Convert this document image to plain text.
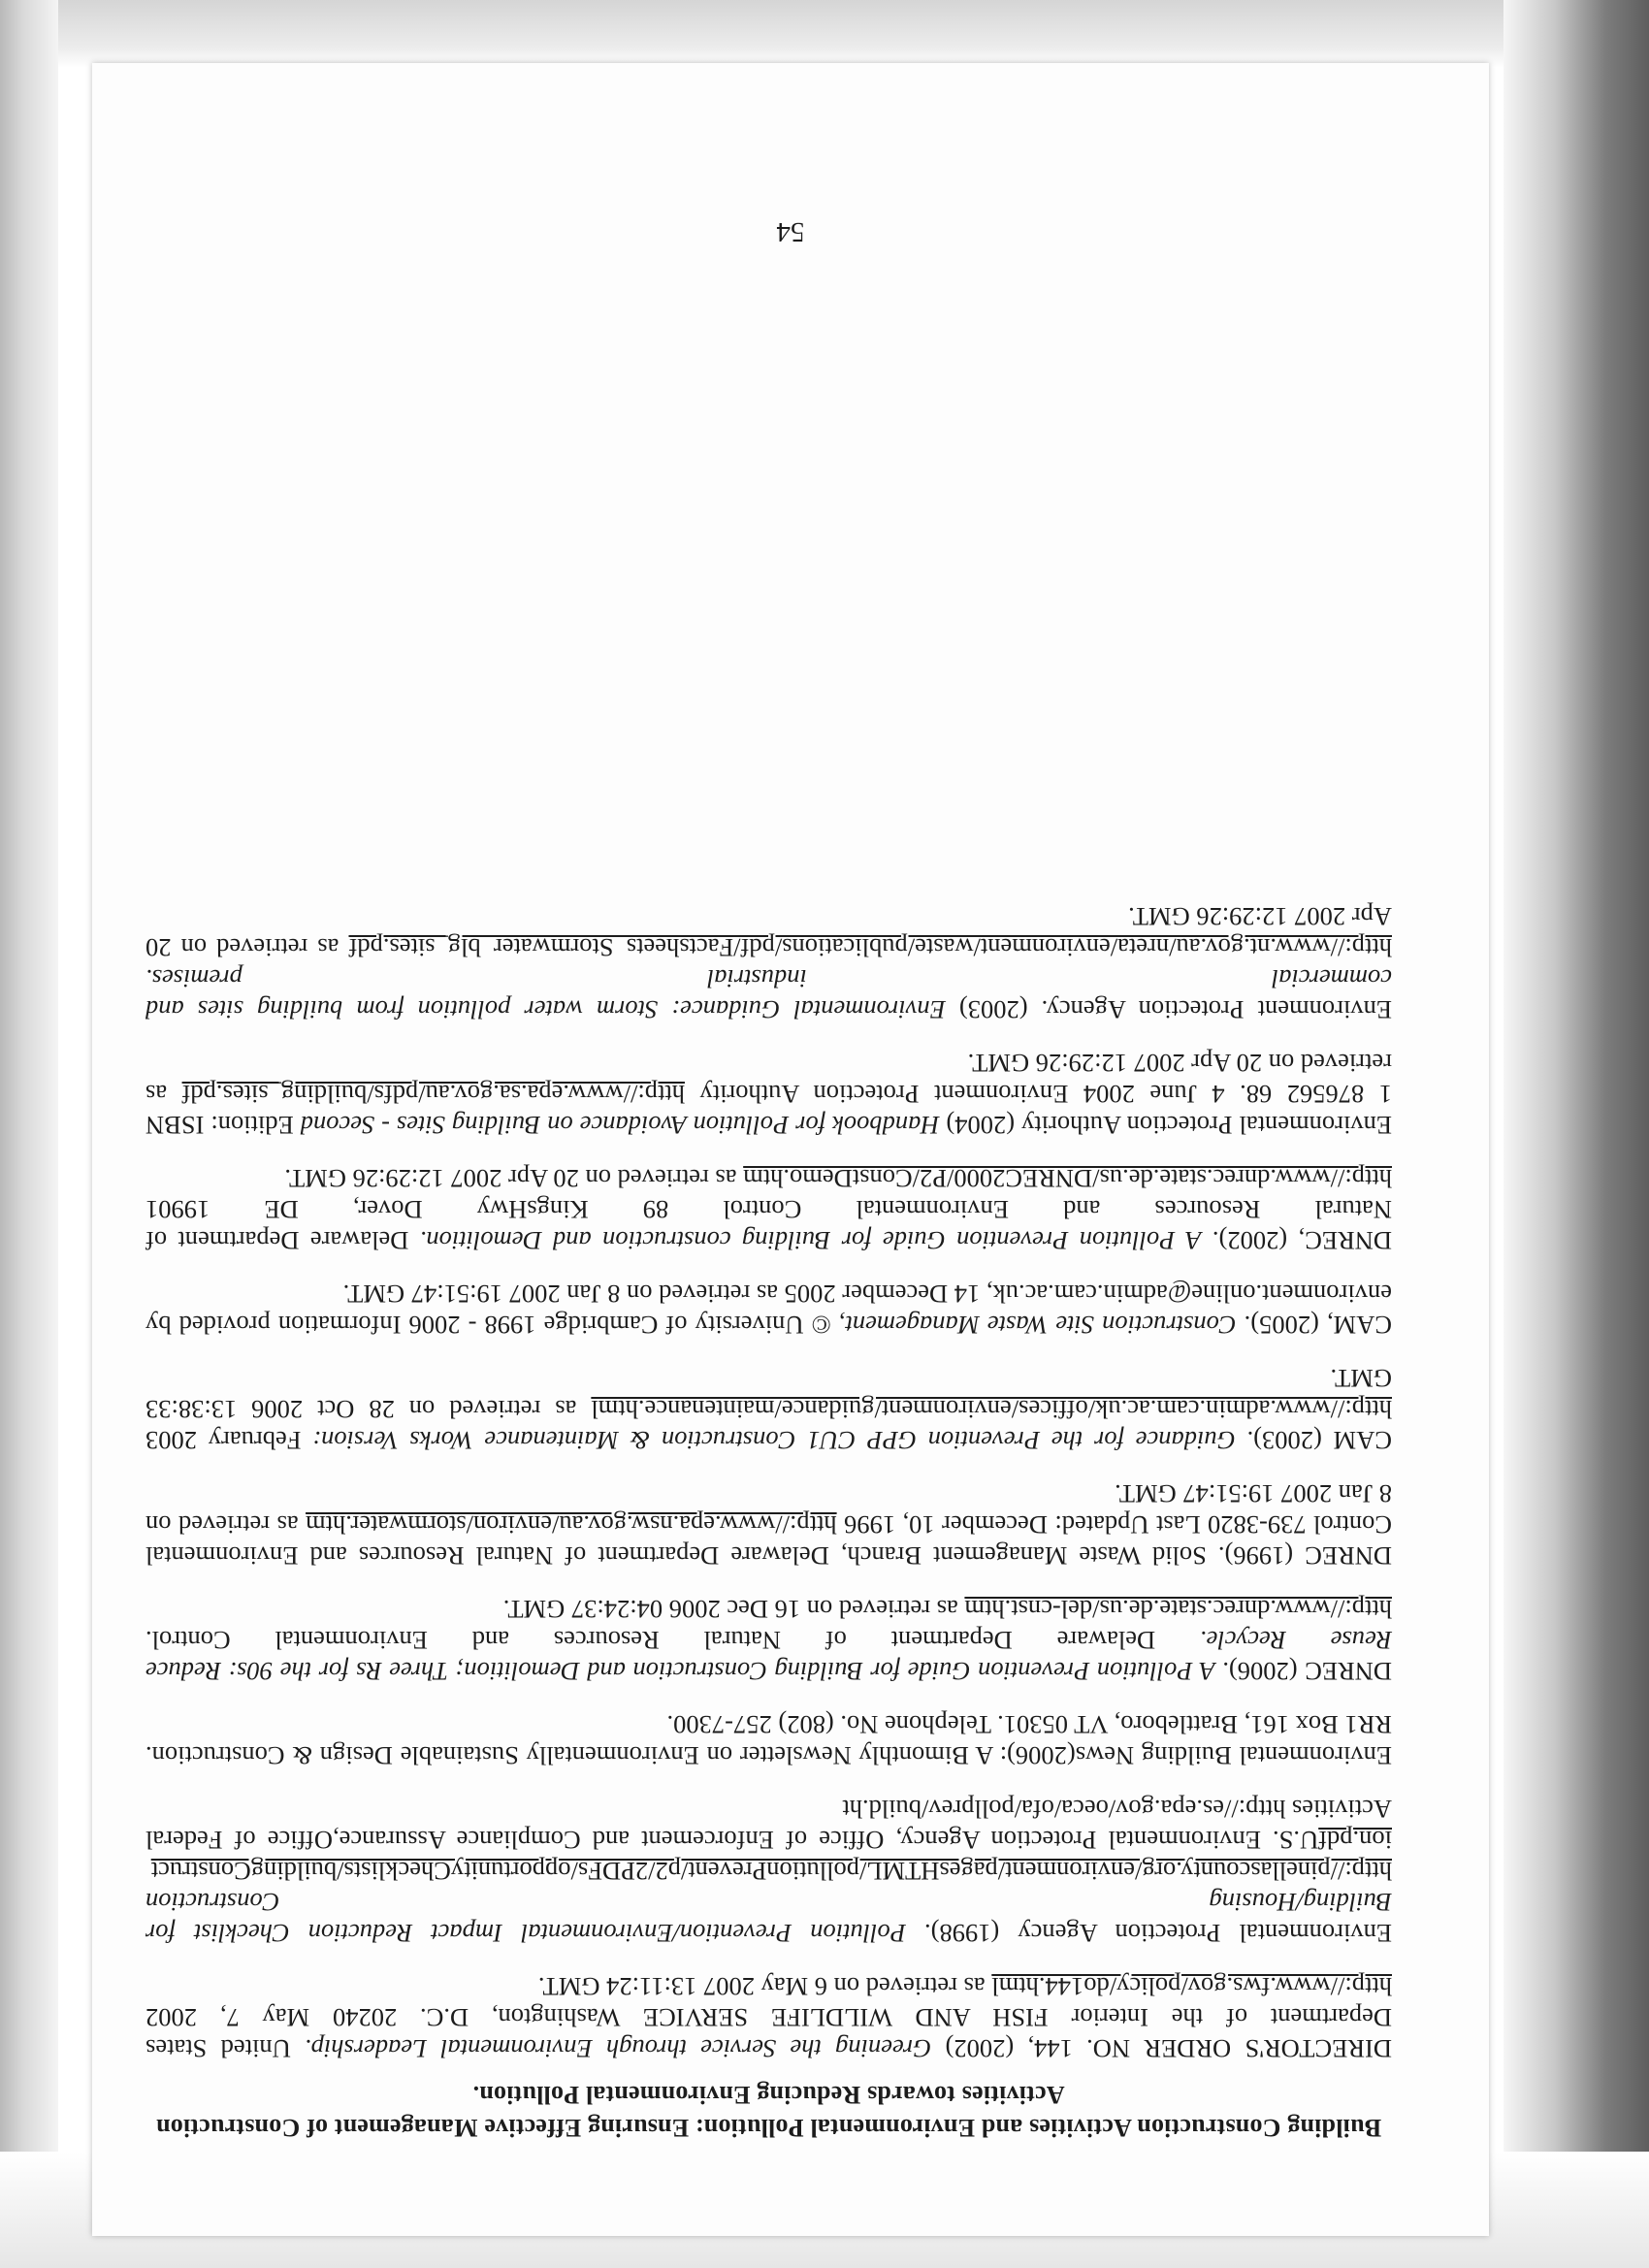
Building Construction Activities and Environmental Pollution: Ensuring Effective Management of Construction Activities towards Reducing Environmental Pollution.

DIRECTOR'S ORDER NO. 144, (2002) Greening the Service through Environmental Leadership. United States Department of the Interior FISH AND WILDLIFE SERVICE Washington, D.C. 20240 May 7, 2002 http://www.fws.gov/policy/do144.html as retrieved on 6 May 2007 13:11:24 GMT.

Environmental Protection Agency (1998). Pollution Prevention/Environmental Impact Reduction Checklist for Building/Housing Construction http://pinellascounty.org/environment/pagesHTML/pollutionPrevent/p2/2PDFs/opportunityChecklists/buildingConstruction.pdfU.S. Environmental Protection Agency, Office of Enforcement and Compliance Assurance,Office of Federal Activities http://es.epa.gov/oeca/ofa/pollprev/build.ht

Environmental Building News(2006): A Bimonthly Newsletter on Environmentally Sustainable Design & Construction. RR1 Box 161, Brattleboro, VT 05301. Telephone No. (802) 257-7300.

DNREC (2006). A Pollution Prevention Guide for Building Construction and Demolition; Three Rs for the 90s: Reduce Reuse Recycle. Delaware Department of Natural Resources and Environmental Control. http://www.dnrec.state.de.us/del-cnst.htm as retrieved on 16 Dec 2006 04:24:37 GMT.

DNREC (1996). Solid Waste Management Branch, Delaware Department of Natural Resources and Environmental Control 739-3820 Last Updated: December 10, 1996 http://www.epa.nsw.gov.au/environ/stormwater.htm as retrieved on 8 Jan 2007 19:51:47 GMT.

CAM (2003). Guidance for the Prevention GPP CU1 Construction & Maintenance Works Version: February 2003 http://www.admin.cam.ac.uk/offices/environment/guidance/maintenance.html as retrieved on 28 Oct 2006 13:38:33 GMT.

CAM, (2005). Construction Site Waste Management, © University of Cambridge 1998 - 2006 Information provided by environment.online@admin.cam.ac.uk, 14 December 2005 as retrieved on 8 Jan 2007 19:51:47 GMT.

DNREC, (2002). A Pollution Prevention Guide for Building construction and Demolition. Delaware Department of Natural Resources and Environmental Control 89 KingsHwy Dover, DE 19901 http://www.dnrec.state.de.us/DNREC2000/P2/ConstDemo.htm as retrieved on 20 Apr 2007 12:29:26 GMT.

Environmental Protection Authority (2004) Handbook for Pollution Avoidance on Building Sites - Second Edition: ISBN 1 876562 68. 4 June 2004 Environment Protection Authority http://www.epa.sa.gov.au/pdfs/building_sites.pdf as retrieved on 20 Apr 2007 12:29:26 GMT.

Environment Protection Agency. (2003) Environmental Guidance: Storm water pollution from building sites and commercial industrial premises. http://www.nt.gov.au/nreta/environment/waste/publications/pdf/Factsheets_Stormwater_blg_sites.pdf as retrieved on 20 Apr 2007 12:29:26 GMT.

54
